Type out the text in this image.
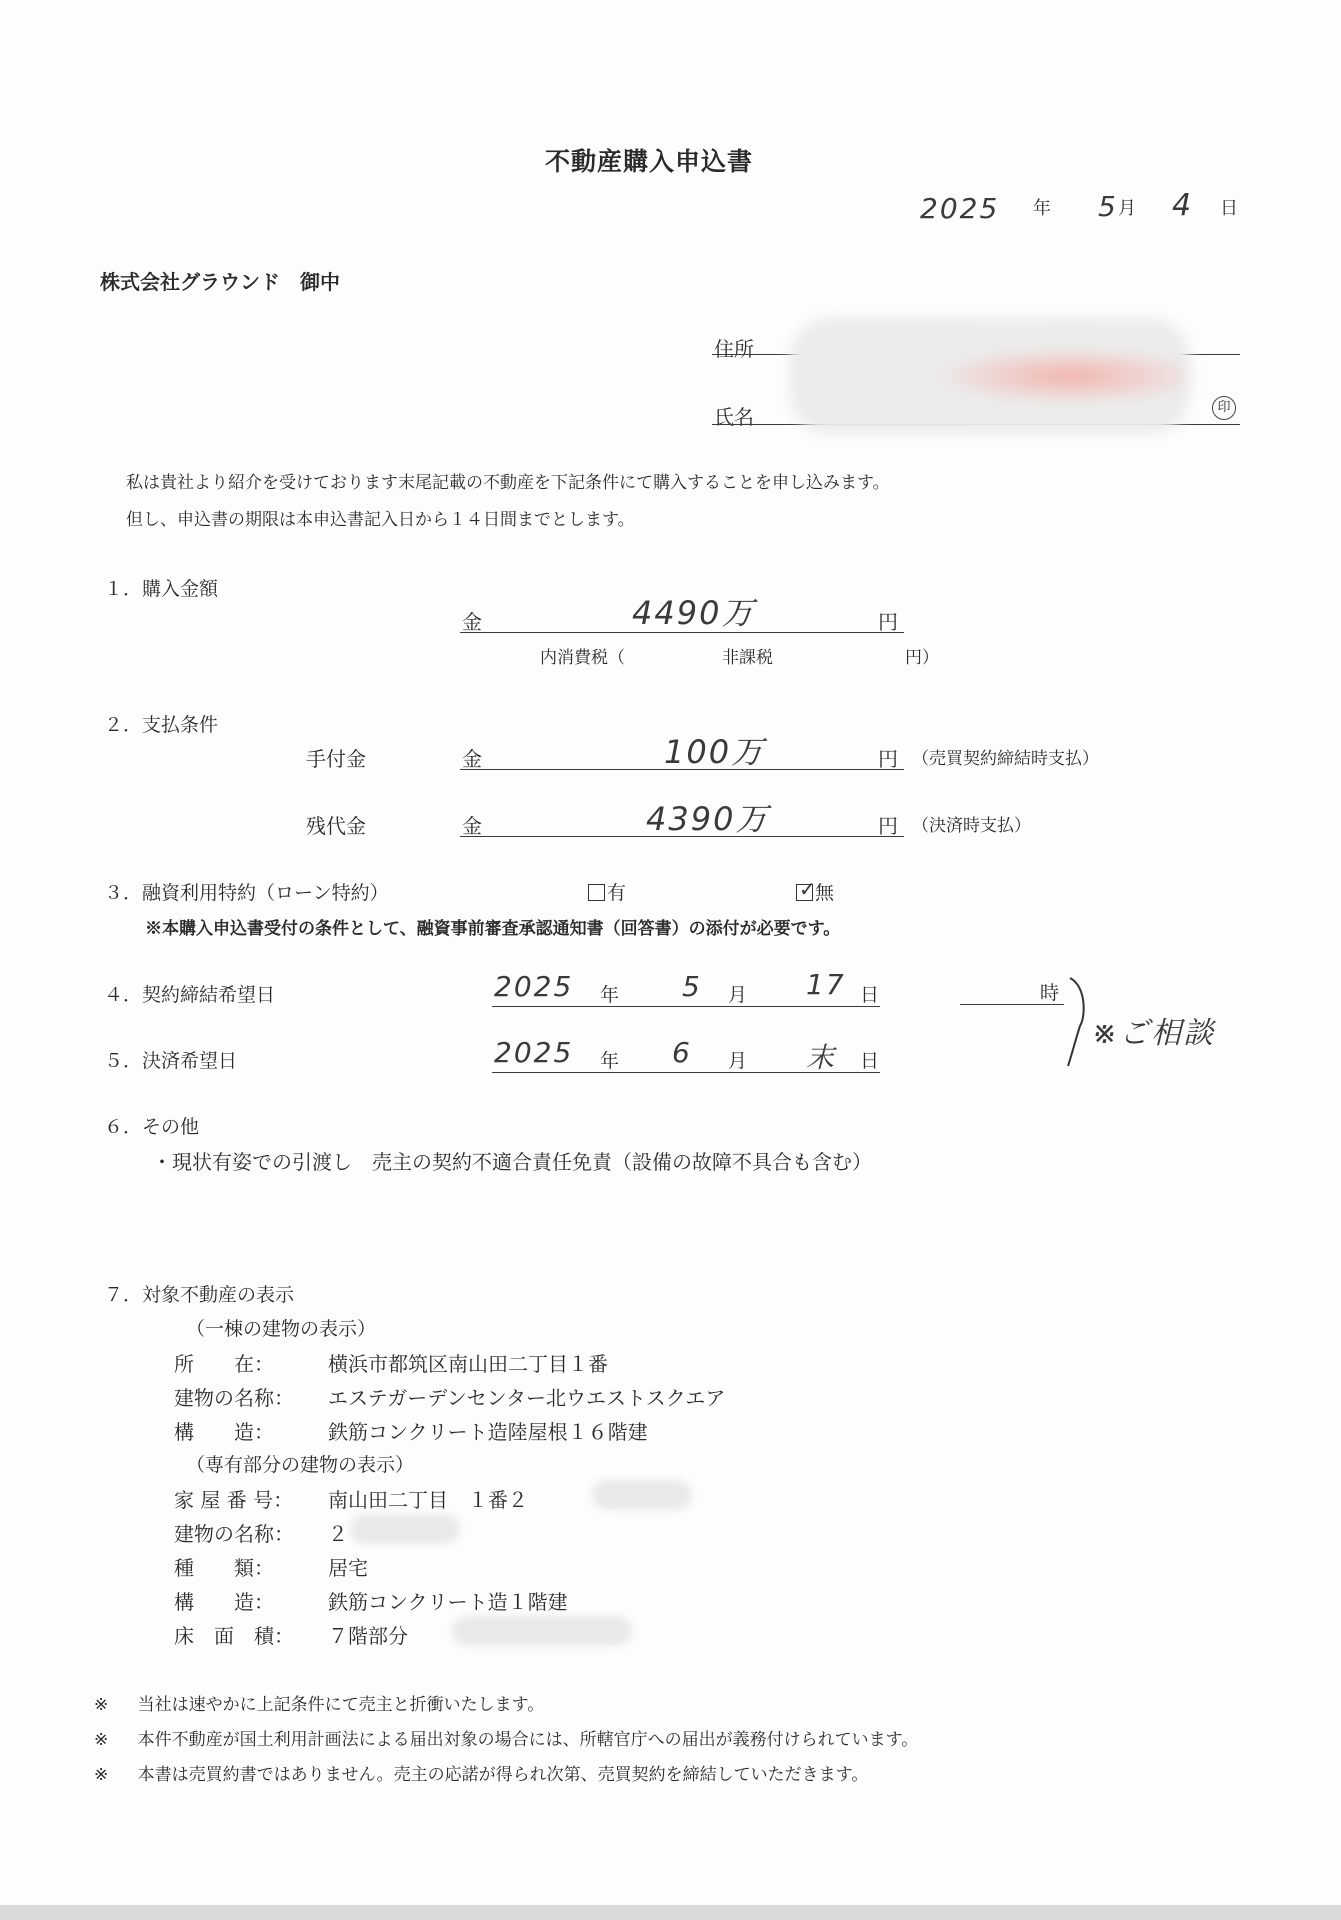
不動産購入申込書
2025 年 5 月 4 日
株式会社グラウンド　御中
住所
氏名	印
私は貴社より紹介を受けております末尾記載の不動産を下記条件にて購入することを申し込みます。
但し、申込書の期限は本申込書記入日から１４日間までとします。
１．購入金額
金	4490万	円
内消費税（	非課税	円）
２．支払条件
手付金	金	100万	円 （売買契約締結時支払）
残代金	金	4390万	円 （決済時支払）
３．融資利用特約（ローン特約）	有	✓ 無
※本購入申込書受付の条件として、融資事前審査承認通知書（回答書）の添付が必要です。
４．契約締結希望日	2025 年 5 月 17 日	時
５．決済希望日	2025 年 6 月 末 日
※ご相談
６．その他
・現状有姿での引渡し　売主の契約不適合責任免責（設備の故障不具合も含む）
７．対象不動産の表示
（一棟の建物の表示）
所　　在：	横浜市都筑区南山田二丁目１番
建物の名称： エステガーデンセンター北ウエストスクエア
構　　造：	鉄筋コンクリート造陸屋根１６階建
（専有部分の建物の表示）
家 屋 番 号： 南山田二丁目　１番２
建物の名称： ２
種　　類：	居宅
構　　造：	鉄筋コンクリート造１階建
床　面　積： ７階部分
※ 当社は速やかに上記条件にて売主と折衝いたします。
※ 本件不動産が国土利用計画法による届出対象の場合には、所轄官庁への届出が義務付けられています。
※ 本書は売買約書ではありません。売主の応諾が得られ次第、売買契約を締結していただきます。
